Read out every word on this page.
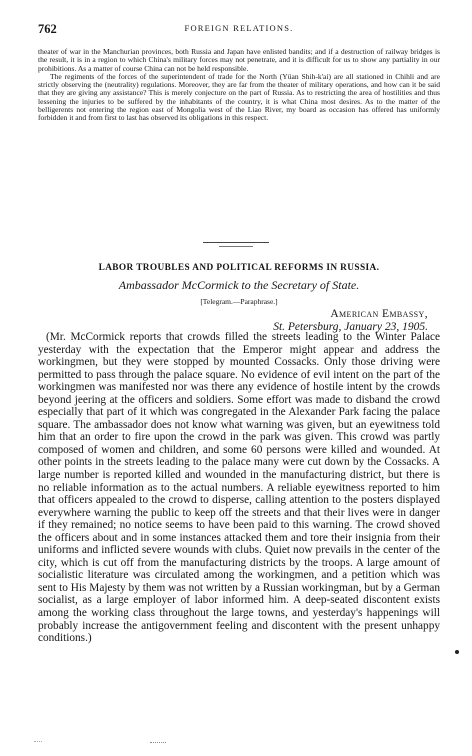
762	FOREIGN RELATIONS.

theater of war in the Manchurian provinces, both Russia and Japan have enlisted bandits; and if a destruction of railway bridges is the result, it is in a region to which China's military forces may not penetrate, and it is difficult for us to show any partiality in our prohibitions. As a matter of course China can not be held responsible.

The regiments of the forces of the superintendent of trade for the North (Yüan Shih-k'ai) are all stationed in Chihli and are strictly observing the (neutrality) regulations. Moreover, they are far from the theater of military operations, and how can it be said that they are giving any assistance? This is merely conjecture on the part of Russia. As to restricting the area of hostilities and thus lessening the injuries to be suffered by the inhabitants of the country, it is what China most desires. As to the matter of the belligerents not entering the region east of Mongolia west of the Liao River, my board as occasion has offered has uniformly forbidden it and from first to last has observed its obligations in this respect.

LABOR TROUBLES AND POLITICAL REFORMS IN RUSSIA.
Ambassador McCormick to the Secretary of State.
[Telegram.—Paraphrase.]
American Embassy,
St. Petersburg, January 23, 1905.

(Mr. McCormick reports that crowds filled the streets leading to the Winter Palace yesterday with the expectation that the Emperor might appear and address the workingmen, but they were stopped by mounted Cossacks. Only those driving were permitted to pass through the palace square. No evidence of evil intent on the part of the workingmen was manifested nor was there any evidence of hostile intent by the crowds beyond jeering at the officers and soldiers. Some effort was made to disband the crowd especially that part of it which was congregated in the Alexander Park facing the palace square. The ambassador does not know what warning was given, but an eyewitness told him that an order to fire upon the crowd in the park was given. This crowd was partly composed of women and children, and some 60 persons were killed and wounded. At other points in the streets leading to the palace many were cut down by the Cossacks. A large number is reported killed and wounded in the manufacturing district, but there is no reliable information as to the actual numbers. A reliable eyewitness reported to him that officers appealed to the crowd to disperse, calling attention to the posters displayed everywhere warning the public to keep off the streets and that their lives were in danger if they remained; no notice seems to have been paid to this warning. The crowd shoved the officers about and in some instances attacked them and tore their insignia from their uniforms and inflicted severe wounds with clubs. Quiet now prevails in the center of the city, which is cut off from the manufacturing districts by the troops. A large amount of socialistic literature was circulated among the workingmen, and a petition which was sent to His Majesty by them was not written by a Russian workingman, but by a German socialist, as a large employer of labor informed him. A deep-seated discontent exists among the working class throughout the large towns, and yesterday's happenings will probably increase the antigovernment feeling and discontent with the present unhappy conditions.)
